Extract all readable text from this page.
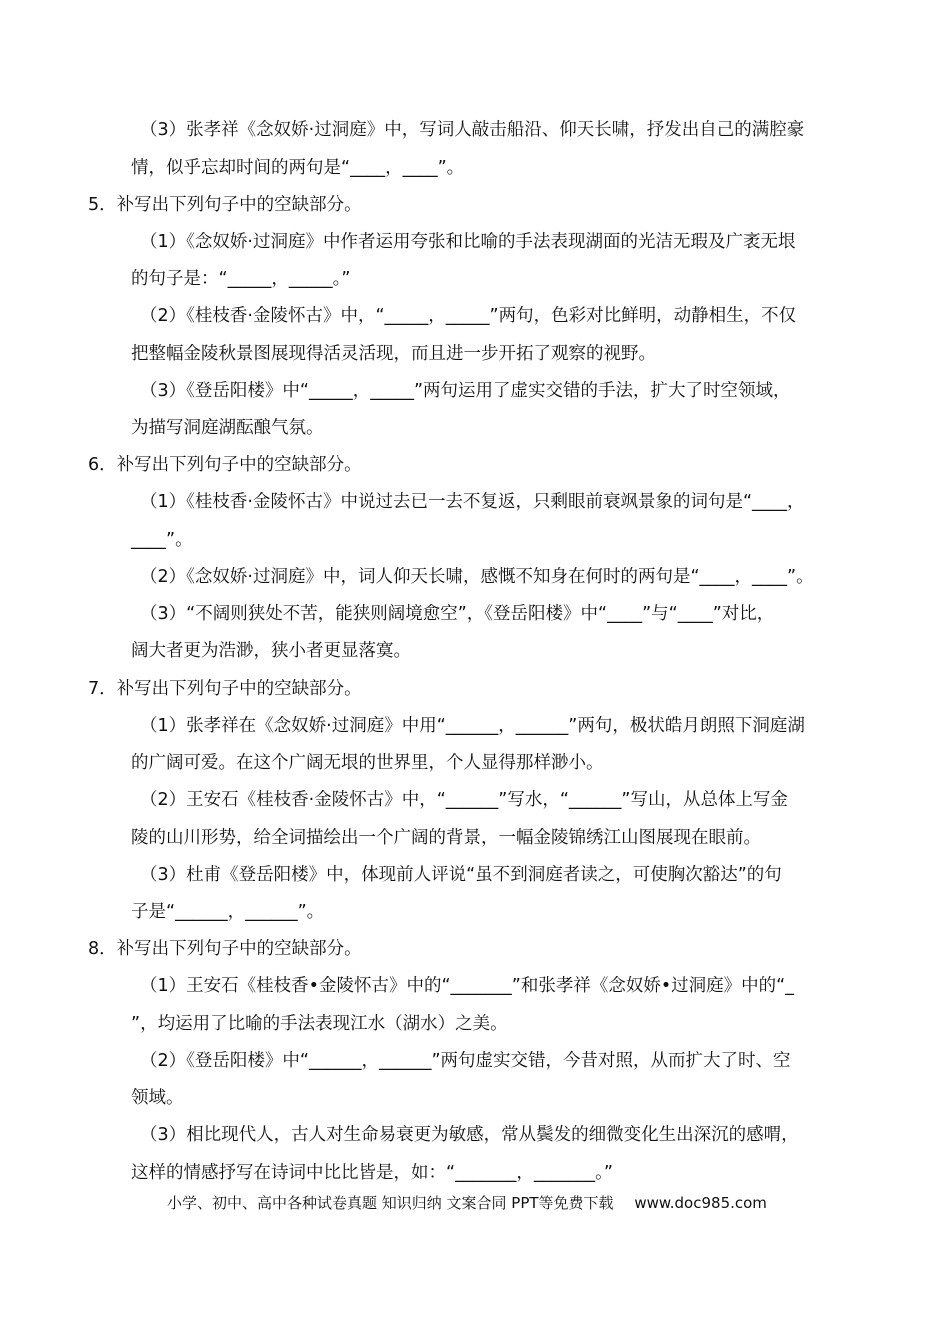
（3）张孝祥《念奴娇·过洞庭》中，写词人敲击船沿、仰天长啸，抒发出自己的满腔豪
情，似乎忘却时间的两句是“____，____”。
5．补写出下列句子中的空缺部分。
（1）《念奴娇·过洞庭》中作者运用夸张和比喻的手法表现湖面的光洁无瑕及广袤无垠
的句子是：“_____，_____。”
（2）《桂枝香·金陵怀古》中，“_____，_____”两句，色彩对比鲜明，动静相生，不仅
把整幅金陵秋景图展现得活灵活现，而且进一步开拓了观察的视野。
（3）《登岳阳楼》中“_____，_____”两句运用了虚实交错的手法，扩大了时空领域，
为描写洞庭湖酝酿气氛。
6．补写出下列句子中的空缺部分。
（1）《桂枝香·金陵怀古》中说过去已一去不复返，只剩眼前衰飒景象的词句是“____，
____”。
（2）《念奴娇·过洞庭》中，词人仰天长啸，感慨不知身在何时的两句是“____，____”。
（3）“不阔则狭处不苦，能狭则阔境愈空”，《登岳阳楼》中“____”与“____”对比，
阔大者更为浩渺，狭小者更显落寞。
7．补写出下列句子中的空缺部分。
（1）张孝祥在《念奴娇·过洞庭》中用“______，______”两句，极状皓月朗照下洞庭湖
的广阔可爱。在这个广阔无垠的世界里，个人显得那样渺小。
（2）王安石《桂枝香·金陵怀古》中，“______”写水，“______”写山，从总体上写金
陵的山川形势，给全词描绘出一个广阔的背景，一幅金陵锦绣江山图展现在眼前。
（3）杜甫《登岳阳楼》中，体现前人评说“虽不到洞庭者读之，可使胸次豁达”的句
子是“______，______”。
8．补写出下列句子中的空缺部分。
（1）王安石《桂枝香•金陵怀古》中的“_______”和张孝祥《念奴娇•过洞庭》中的“_
”，均运用了比喻的手法表现江水（湖水）之美。
（2）《登岳阳楼》中“______，______”两句虚实交错，今昔对照，从而扩大了时、空
领域。
（3）相比现代人，古人对生命易衰更为敏感，常从鬓发的细微变化生出深沉的感喟，
这样的情感抒写在诗词中比比皆是，如：“_______，_______。”
小学、初中、高中各种试卷真题 知识归纳 文案合同 PPT等免费下载 www.doc985.com
